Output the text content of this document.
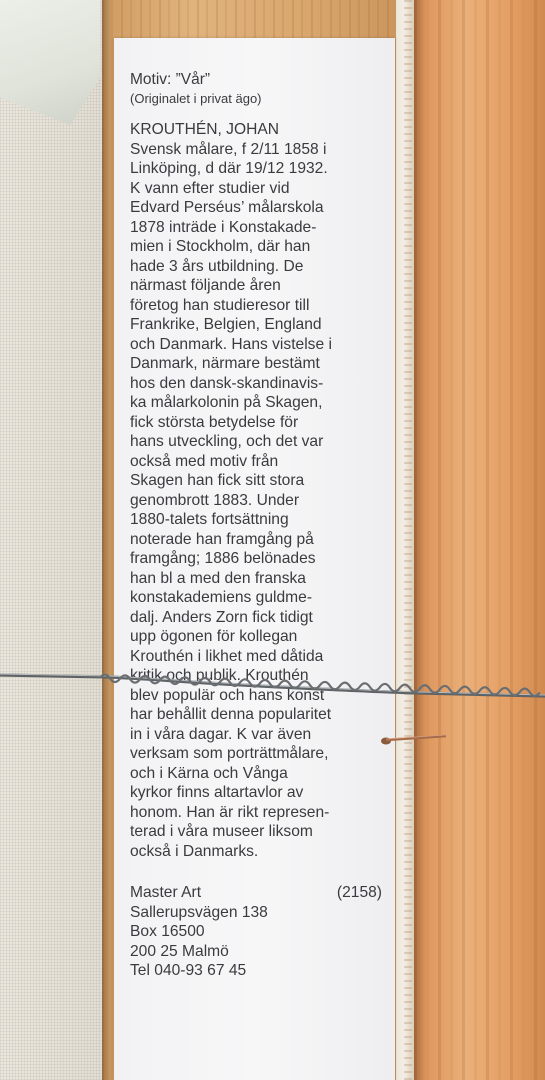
Motiv: ”Vår”

(Originalet i privat ägo)

KROUTHÉN, JOHAN
Svensk målare, f 2/11 1858 i
Linköping, d där 19/12 1932.
K vann efter studier vid
Edvard Perséus’ målarskola
1878 inträde i Konstakade-
mien i Stockholm, där han
hade 3 års utbildning. De
närmast följande åren
företog han studieresor till
Frankrike, Belgien, England
och Danmark. Hans vistelse i
Danmark, närmare bestämt
hos den dansk-skandinavis-
ka målarkolonin på Skagen,
fick största betydelse för
hans utveckling, och det var
också med motiv från
Skagen han fick sitt stora
genombrott 1883. Under
1880-talets fortsättning
noterade han framgång på
framgång; 1886 belönades
han bl a med den franska
konstakademiens guldme-
dalj. Anders Zorn fick tidigt
upp ögonen för kollegan
Krouthén i likhet med dåtida
kritik och publik. Krouthén
blev populär och hans konst
har behållit denna popularitet
in i våra dagar. K var även
verksam som porträttmålare,
och i Kärna och Vånga
kyrkor finns altartavlor av
honom. Han är rikt represen-
terad i våra museer liksom
också i Danmarks.
Master Art	(2158)
Sallerupsvägen 138
Box 16500
200 25 Malmö
Tel 040-93 67 45
